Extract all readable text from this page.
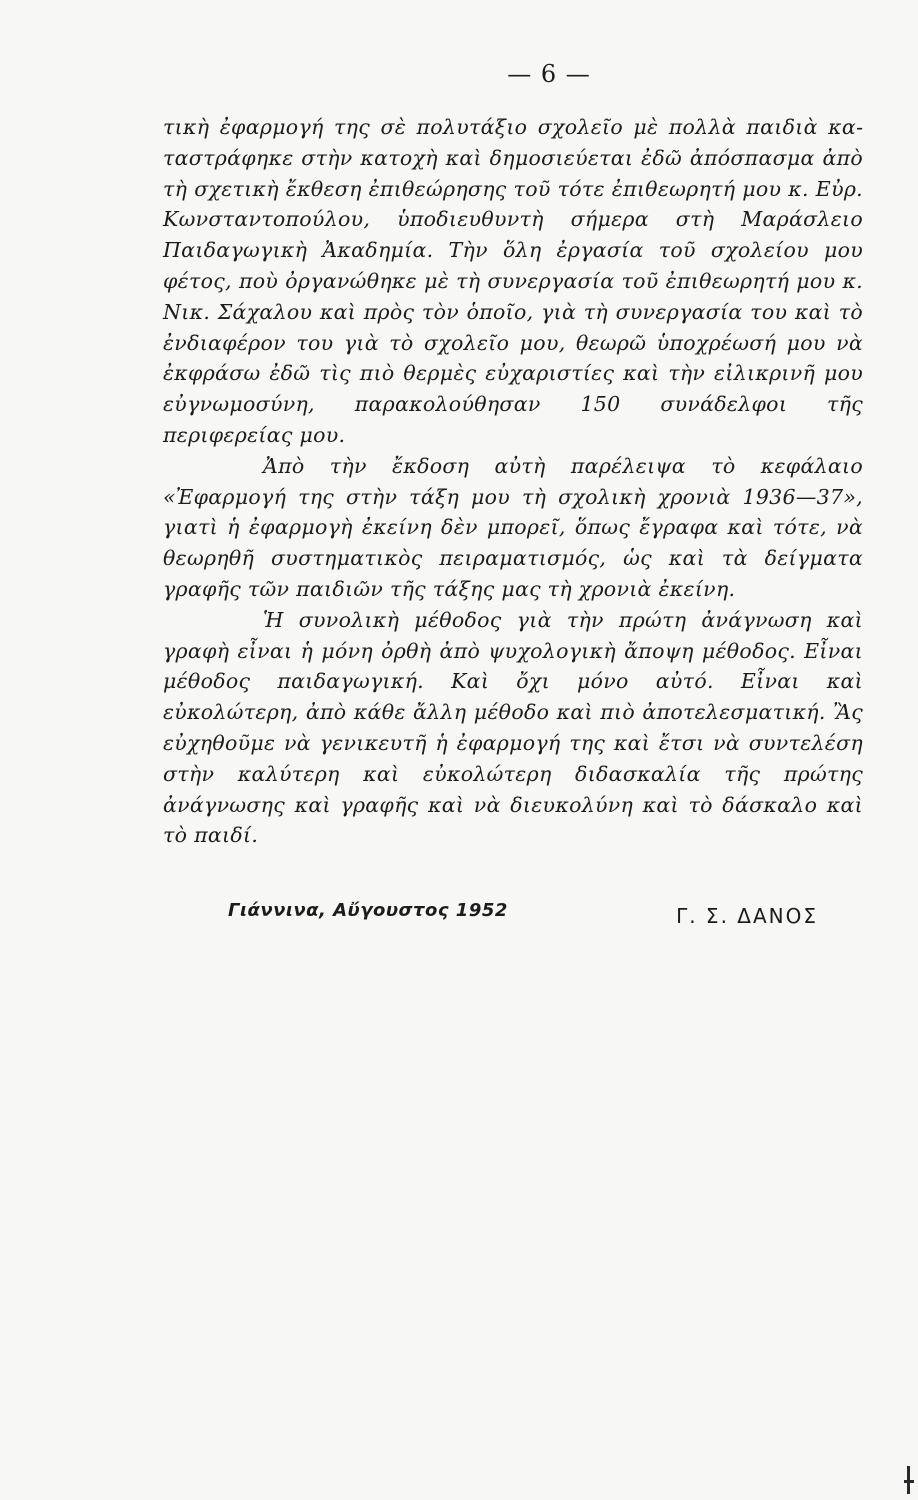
— 6 —

τικὴ ἐφαρμογή της σὲ πολυτάξιο σχολεῖο μὲ πολλὰ παιδιὰ καταστράφηκε στὴν κατοχὴ καὶ δημοσιεύεται ἐδῶ ἀπόσπασμα ἀπὸ τὴ σχετικὴ ἔκθεση ἐπιθεώρησης τοῦ τότε ἐπιθεωρητή μου κ. Εὐρ. Κωνσταντοπούλου, ὑποδιευθυντὴ σήμερα στὴ Μαράσλειο Παιδαγωγικὴ Ἀκαδημία. Τὴν ὅλη ἐργασία τοῦ σχολείου μου φέτος, ποὺ ὀργανώθηκε μὲ τὴ συνεργασία τοῦ ἐπιθεωρητή μου κ. Νικ. Σάχαλου καὶ πρὸς τὸν ὁποῖο, γιὰ τὴ συνεργασία του καὶ τὸ ἐνδιαφέρον του γιὰ τὸ σχολεῖο μου, θεωρῶ ὑποχρέωσή μου νὰ ἐκφράσω ἐδῶ τὶς πιὸ θερμὲς εὐχαριστίες καὶ τὴν εἰλικρινῆ μου εὐγνωμοσύνη, παρακολούθησαν 150 συνάδελφοι τῆς περιφερείας μου.

Ἀπὸ τὴν ἔκδοση αὐτὴ παρέλειψα τὸ κεφάλαιο «Ἐφαρμογή της στὴν τάξη μου τὴ σχολικὴ χρονιὰ 1936—37», γιατὶ ἡ ἐφαρμογὴ ἐκείνη δὲν μπορεῖ, ὅπως ἔγραφα καὶ τότε, νὰ θεωρηθῆ συστηματικὸς πειραματισμός, ὡς καὶ τὰ δείγματα γραφῆς τῶν παιδιῶν τῆς τάξης μας τὴ χρονιὰ ἐκείνη.

Ἡ συνολικὴ μέθοδος γιὰ τὴν πρώτη ἀνάγνωση καὶ γραφὴ εἶναι ἡ μόνη ὀρθὴ ἀπὸ ψυχολογικὴ ἄποψη μέθοδος. Εἶναι μέθοδος παιδαγωγική. Καὶ ὄχι μόνο αὐτό. Εἶναι καὶ εὐκολώτερη, ἀπὸ κάθε ἄλλη μέθοδο καὶ πιὸ ἀποτελεσματική. Ἂς εὐχηθοῦμε νὰ γενικευτῆ ἡ ἐφαρμογή της καὶ ἔτσι νὰ συντελέση στὴν καλύτερη καὶ εὐκολώτερη διδασκαλία τῆς πρώτης ἀνάγνωσης καὶ γραφῆς καὶ νὰ διευκολύνη καὶ τὸ δάσκαλο καὶ τὸ παιδί.

Γιάννινα, Αὔγουστος 1952	Γ. Σ. ΔΑΝΟΣ
